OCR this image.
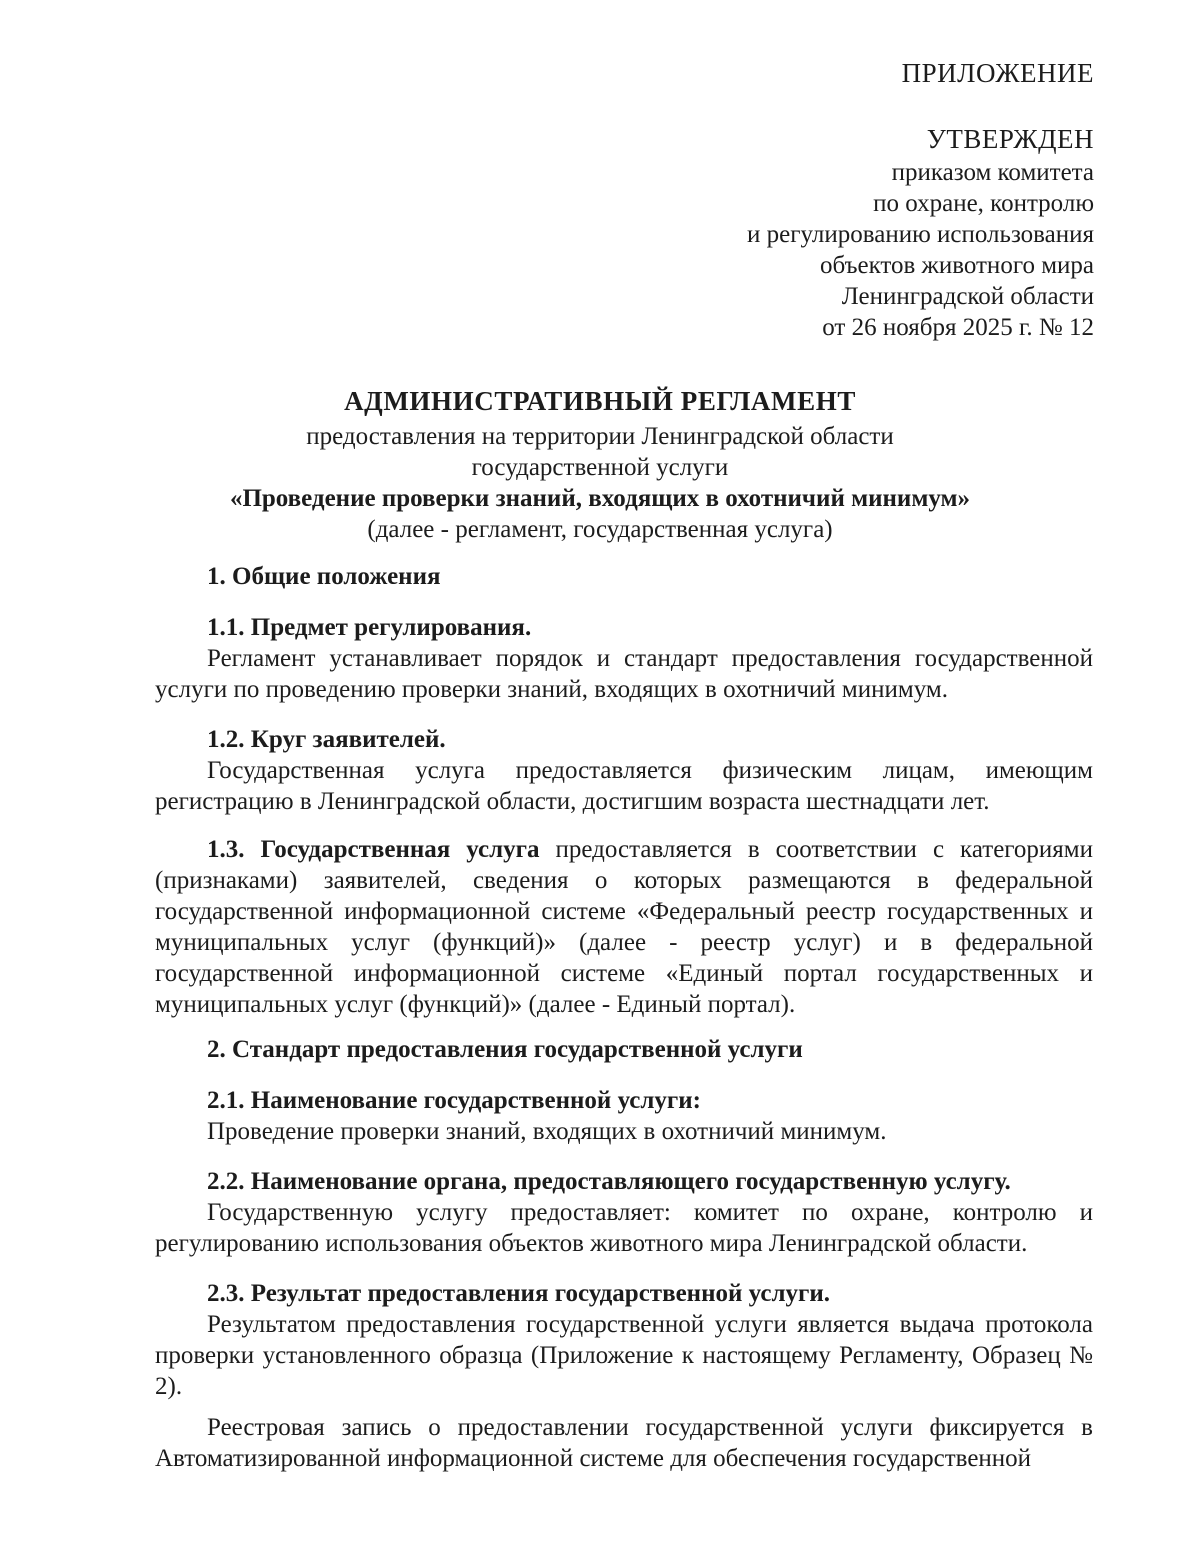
ПРИЛОЖЕНИЕ
УТВЕРЖДЕН
приказом комитета
по охране, контролю
и регулированию использования
объектов животного мира
Ленинградской области
от 26 ноября 2025 г. № 12
АДМИНИСТРАТИВНЫЙ РЕГЛАМЕНТ
предоставления на территории Ленинградской области
государственной услуги
«Проведение проверки знаний, входящих в охотничий минимум»
(далее - регламент, государственная услуга)

1. Общие положения

1.1. Предмет регулирования.

Регламент устанавливает порядок и стандарт предоставления государственной услуги по проведению проверки знаний, входящих в охотничий минимум.

1.2. Круг заявителей.

Государственная услуга предоставляется физическим лицам, имеющим регистрацию в Ленинградской области, достигшим возраста шестнадцати лет.

1.3. Государственная услуга предоставляется в соответствии с категориями (признаками) заявителей, сведения о которых размещаются в федеральной государственной информационной системе «Федеральный реестр государственных и муниципальных услуг (функций)» (далее - реестр услуг) и в федеральной государственной информационной системе «Единый портал государственных и муниципальных услуг (функций)» (далее - Единый портал).

2. Стандарт предоставления государственной услуги

2.1. Наименование государственной услуги:

Проведение проверки знаний, входящих в охотничий минимум.

2.2. Наименование органа, предоставляющего государственную услугу.

Государственную услугу предоставляет: комитет по охране, контролю и регулированию использования объектов животного мира Ленинградской области.

2.3. Результат предоставления государственной услуги.

Результатом предоставления государственной услуги является выдача протокола проверки установленного образца (Приложение к настоящему Регламенту, Образец № 2).

Реестровая запись о предоставлении государственной услуги фиксируется в Автоматизированной информационной системе для обеспечения государственной
